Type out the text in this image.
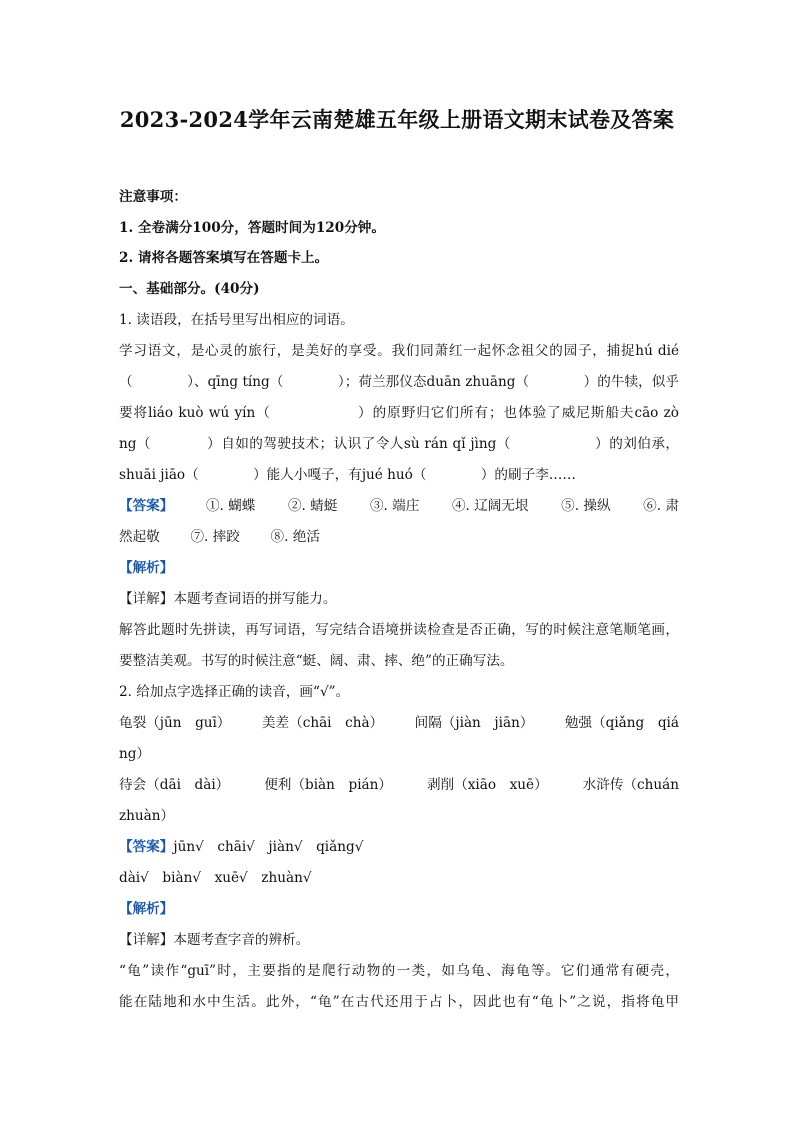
2023-2024学年云南楚雄五年级上册语文期末试卷及答案
注意事项：
1. 全卷满分100分，答题时间为120分钟。
2. 请将各题答案填写在答题卡上。
一、基础部分。(40分)
1. 读语段，在括号里写出相应的词语。
学习语文，是心灵的旅行，是美好的享受。我们同萧红一起怀念祖父的园子，捕捉hú dié
（　　　　）、qīng tíng（　　　　）；荷兰那仪态duān zhuāng（　　　　）的牛犊，似乎
要将liáo kuò wú yín（　　　　　　）的原野归它们所有；也体验了威尼斯船夫cāo zò
ng（　　　　）自如的驾驶技术；认识了令人sù rán qǐ jìng（　　　　　　）的刘伯承，
shuāi jiāo（　　　　）能人小嘎子，有jué huó（　　　　）的刷子李……
【答案】 ①. 蝴蝶 ②. 蜻蜓 ③. 端庄 ④. 辽阔无垠 ⑤. 操纵 ⑥. 肃
然起敬 ⑦. 摔跤 ⑧. 绝活
【解析】
【详解】本题考查词语的拼写能力。
解答此题时先拼读，再写词语，写完结合语境拼读检查是否正确，写的时候注意笔顺笔画，
要整洁美观。书写的时候注意“蜓、阔、肃、摔、绝”的正确写法。
2. 给加点字选择正确的读音，画“√”。
龟裂（jūn　guī） 美差（chāi　chà） 间隔（jiàn　jiān） 勉强（qiǎng　qiá
ng）
待会（dāi　dài）	便利（biàn　pián）	剥削（xiāo　xuē）	水浒传（chuán
zhuàn）
【答案】jūn√　chāi√　jiàn√　qiǎng√
dài√　biàn√　xuē√　zhuàn√
【解析】
【详解】本题考查字音的辨析。
“龟”读作“guī”时，主要指的是爬行动物的一类，如乌龟、海龟等。它们通常有硬壳，
能在陆地和水中生活。此外，“龟”在古代还用于占卜，因此也有“龟卜”之说，指将龟甲
